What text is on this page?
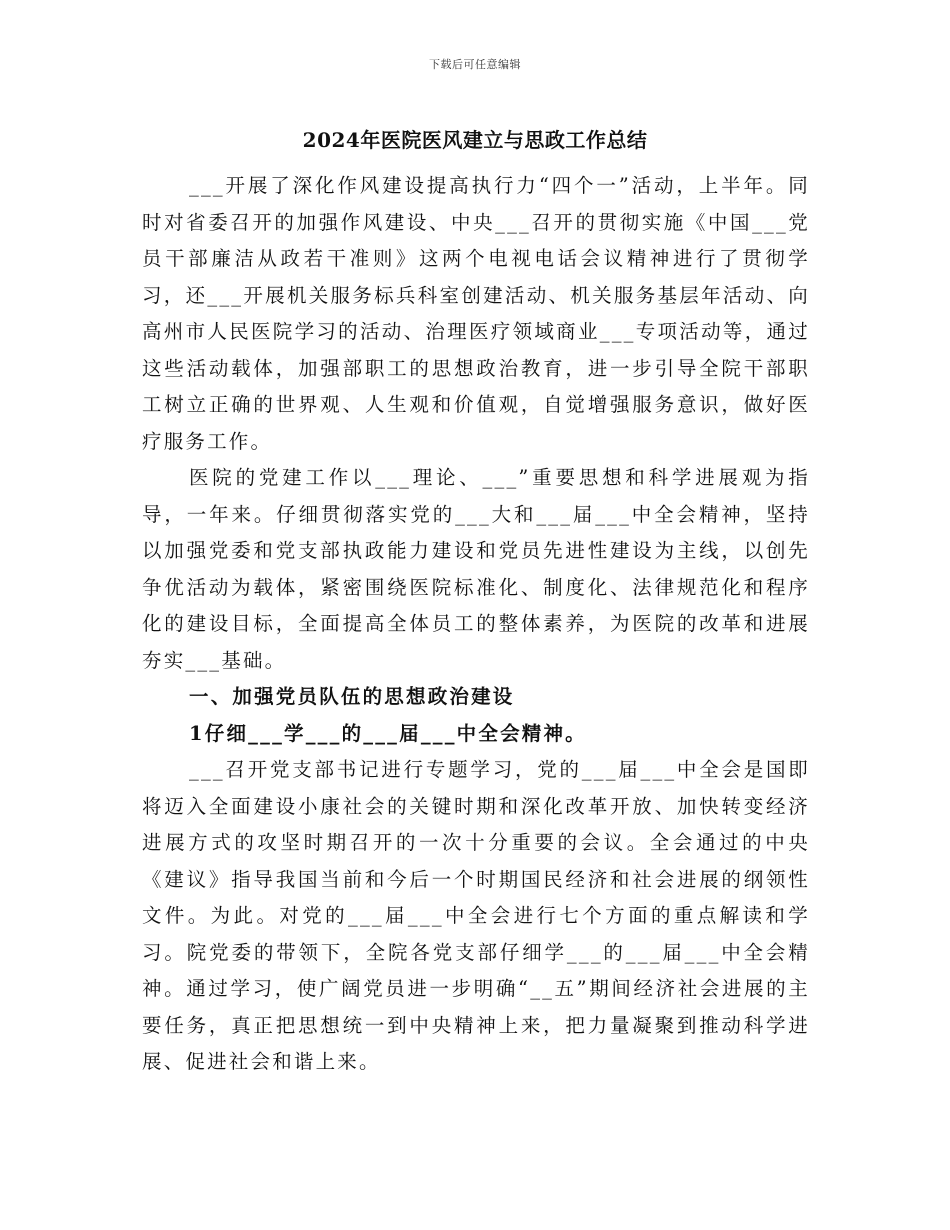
下载后可任意编辑
2024年医院医风建立与思政工作总结

___开展了深化作风建设提高执行力“四个一”活动，上半年。同时对省委召开的加强作风建设、中央___召开的贯彻实施《中国___党员干部廉洁从政若干准则》这两个电视电话会议精神进行了贯彻学习，还___开展机关服务标兵科室创建活动、机关服务基层年活动、向高州市人民医院学习的活动、治理医疗领域商业___专项活动等，通过这些活动载体，加强部职工的思想政治教育，进一步引导全院干部职工树立正确的世界观、人生观和价值观，自觉增强服务意识，做好医疗服务工作。

医院的党建工作以___理论、___”重要思想和科学进展观为指导，一年来。仔细贯彻落实党的___大和___届___中全会精神，坚持以加强党委和党支部执政能力建设和党员先进性建设为主线，以创先争优活动为载体，紧密围绕医院标准化、制度化、法律规范化和程序化的建设目标，全面提高全体员工的整体素养，为医院的改革和进展夯实___基础。

一、加强党员队伍的思想政治建设

1仔细___学___的___届___中全会精神。

___召开党支部书记进行专题学习，党的___届___中全会是国即将迈入全面建设小康社会的关键时期和深化改革开放、加快转变经济进展方式的攻坚时期召开的一次十分重要的会议。全会通过的中央《建议》指导我国当前和今后一个时期国民经济和社会进展的纲领性文件。为此。对党的___届___中全会进行七个方面的重点解读和学习。院党委的带领下，全院各党支部仔细学___的___届___中全会精神。通过学习，使广阔党员进一步明确“__五”期间经济社会进展的主要任务，真正把思想统一到中央精神上来，把力量凝聚到推动科学进展、促进社会和谐上来。
